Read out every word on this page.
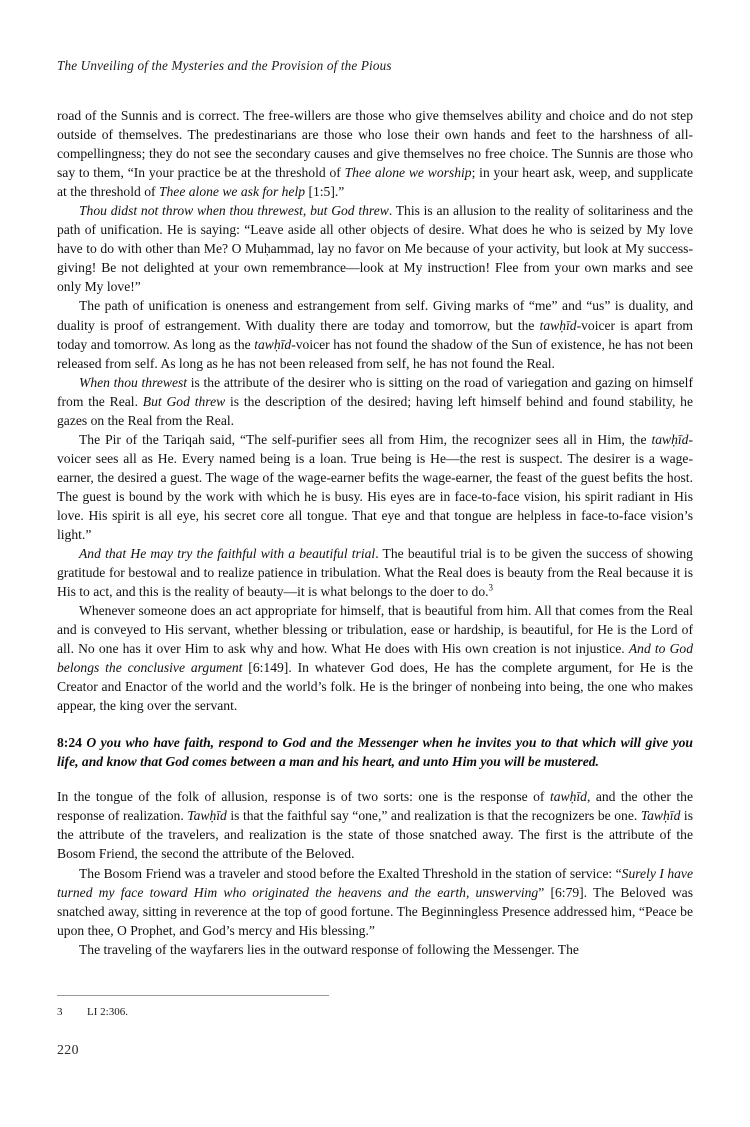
The Unveiling of the Mysteries and the Provision of the Pious

road of the Sunnis and is correct. The free-willers are those who give themselves ability and choice and do not step outside of themselves. The predestinarians are those who lose their own hands and feet to the harshness of all-compellingness; they do not see the secondary causes and give themselves no free choice. The Sunnis are those who say to them, “In your practice be at the threshold of Thee alone we worship; in your heart ask, weep, and supplicate at the threshold of Thee alone we ask for help [1:5].”

Thou didst not throw when thou threwest, but God threw. This is an allusion to the reality of solitariness and the path of unification. He is saying: “Leave aside all other objects of desire. What does he who is seized by My love have to do with other than Me? O Muḥammad, lay no favor on Me because of your activity, but look at My success-giving! Be not delighted at your own remembrance—look at My instruction! Flee from your own marks and see only My love!”

The path of unification is oneness and estrangement from self. Giving marks of “me” and “us” is duality, and duality is proof of estrangement. With duality there are today and tomorrow, but the tawḥīd-voicer is apart from today and tomorrow. As long as the tawḥīd-voicer has not found the shadow of the Sun of existence, he has not been released from self. As long as he has not been released from self, he has not found the Real.

When thou threwest is the attribute of the desirer who is sitting on the road of variegation and gazing on himself from the Real. But God threw is the description of the desired; having left himself behind and found stability, he gazes on the Real from the Real.

The Pir of the Tariqah said, “The self-purifier sees all from Him, the recognizer sees all in Him, the tawḥīd-voicer sees all as He. Every named being is a loan. True being is He—the rest is suspect. The desirer is a wage-earner, the desired a guest. The wage of the wage-earner befits the wage-earner, the feast of the guest befits the host. The guest is bound by the work with which he is busy. His eyes are in face-to-face vision, his spirit radiant in His love. His spirit is all eye, his secret core all tongue. That eye and that tongue are helpless in face-to-face vision’s light.”

And that He may try the faithful with a beautiful trial. The beautiful trial is to be given the success of showing gratitude for bestowal and to realize patience in tribulation. What the Real does is beauty from the Real because it is His to act, and this is the reality of beauty—it is what belongs to the doer to do.$^3$

Whenever someone does an act appropriate for himself, that is beautiful from him. All that comes from the Real and is conveyed to His servant, whether blessing or tribulation, ease or hardship, is beautiful, for He is the Lord of all. No one has it over Him to ask why and how. What He does with His own creation is not injustice. And to God belongs the conclusive argument [6:149]. In whatever God does, He has the complete argument, for He is the Creator and Enactor of the world and the world’s folk. He is the bringer of nonbeing into being, the one who makes appear, the king over the servant.

8:24 O you who have faith, respond to God and the Messenger when he invites you to that which will give you life, and know that God comes between a man and his heart, and unto Him you will be mustered.

In the tongue of the folk of allusion, response is of two sorts: one is the response of tawḥīd, and the other the response of realization. Tawḥīd is that the faithful say “one,” and realization is that the recognizers be one. Tawḥīd is the attribute of the travelers, and realization is the state of those snatched away. The first is the attribute of the Bosom Friend, the second the attribute of the Beloved.

The Bosom Friend was a traveler and stood before the Exalted Threshold in the station of service: “Surely I have turned my face toward Him who originated the heavens and the earth, unswerving” [6:79]. The Beloved was snatched away, sitting in reverence at the top of good fortune. The Beginningless Presence addressed him, “Peace be upon thee, O Prophet, and God’s mercy and His blessing.”

The traveling of the wayfarers lies in the outward response of following the Messenger. The

3	LI 2:306.
220
